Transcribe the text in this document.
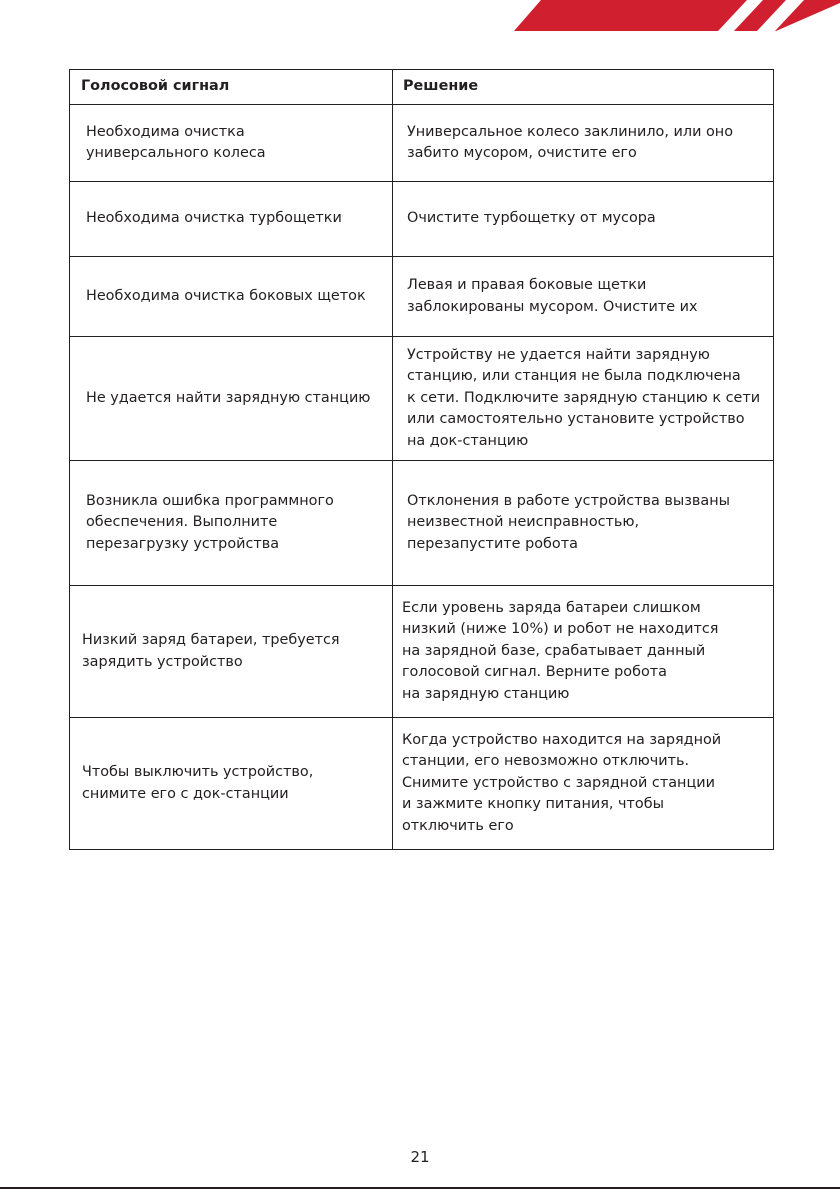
Голосовой сигнал	Решение

Необходима очистка
универсального колеса	Универсальное колесо заклинило, или оно
забито мусором, очистите его

Необходима очистка турбощетки	Очистите турбощетку от мусора

Необходима очистка боковых щеток	Левая и правая боковые щетки
заблокированы мусором. Очистите их

Не удается найти зарядную станцию	Устройству не удается найти зарядную
станцию, или станция не была подключена
к сети. Подключите зарядную станцию к сети
или самостоятельно установите устройство
на док-станцию

Возникла ошибка программного
обеспечения. Выполните
перезагрузку устройства	Отклонения в работе устройства вызваны
неизвестной неисправностью,
перезапустите робота

Низкий заряд батареи, требуется
зарядить устройство	Если уровень заряда батареи слишком
низкий (ниже 10%) и робот не находится
на зарядной базе, срабатывает данный
голосовой сигнал. Верните робота
на зарядную станцию

Чтобы выключить устройство,
снимите его с док-станции	Когда устройство находится на зарядной
станции, его невозможно отключить.
Снимите устройство с зарядной станции
и зажмите кнопку питания, чтобы
отключить его
21
